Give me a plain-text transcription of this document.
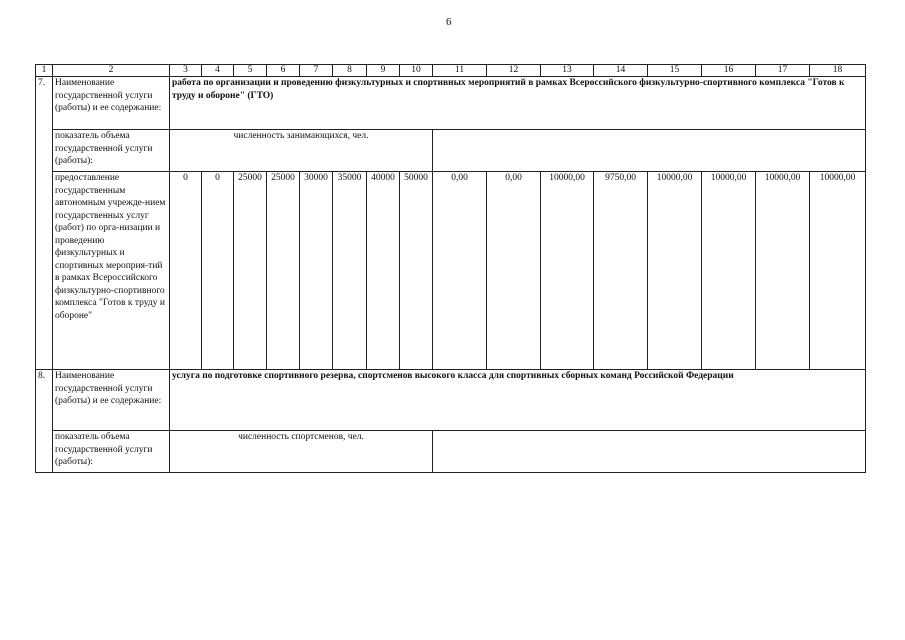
6
1	2	3	4	5	6	7	8	9	10	11	12	13	14	15	16	17	18
7.	Наименование государственной услуги (работы) и ее содержание:	работа по организации и проведению физкультурных и спортивных мероприятий в рамках Всероссийского физкультурно-спортивного комплекса "Готов к труду и обороне" (ГТО)															
	показатель объема государственной услуги (работы):	численность занимающихся, чел.															
	предоставление государственным автономным учрежде-нием государственных услуг (работ) по орга-низации и проведению физкультурных и спортивных мероприя-тий в рамках Всероссийского физкультурно-спортивного комплекса "Готов к труду и обороне"	0	0	25000	25000	30000	35000	40000	50000	0,00	0,00	10000,00	9750,00	10000,00	10000,00	10000,00	10000,00
8.	Наименование государственной услуги (работы) и ее содержание:	услуга по подготовке спортивного резерва, спортсменов высокого класса для спортивных сборных команд Российской Федерации															
	показатель объема государственной услуги (работы):	численность спортсменов, чел.															
